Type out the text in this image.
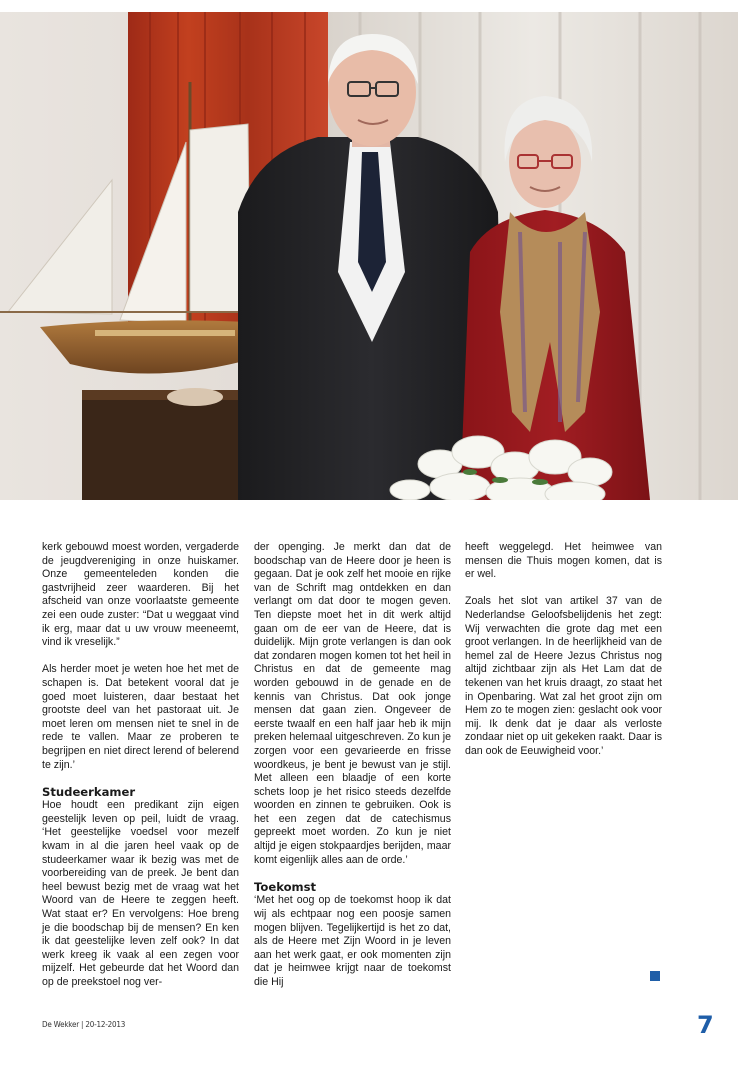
kerk gebouwd moest worden, vergaderde de jeugdvereniging in onze huiskamer. Onze gemeenteleden konden die gastvrijheid zeer waarderen. Bij het afscheid van onze voorlaatste gemeente zei een oude zuster: “Dat u weggaat vind ik erg, maar dat u uw vrouw meeneemt, vind ik vreselijk.”

Als herder moet je weten hoe het met de schapen is. Dat betekent vooral dat je goed moet luisteren, daar bestaat het grootste deel van het pastoraat uit. Je moet leren om mensen niet te snel in de rede te vallen. Maar ze proberen te begrijpen en niet direct lerend of belerend te zijn.’

Studeerkamer

Hoe houdt een predikant zijn eigen geestelijk leven op peil, luidt de vraag. ‘Het geestelijke voedsel voor mezelf kwam in al die jaren heel vaak op de studeerkamer waar ik bezig was met de voorbereiding van de preek. Je bent dan heel bewust bezig met de vraag wat het Woord van de Heere te zeggen heeft. Wat staat er? En vervolgens: Hoe breng je die boodschap bij de mensen? En ken ik dat geestelijke leven zelf ook? In dat werk kreeg ik vaak al een zegen voor mijzelf. Het gebeurde dat het Woord dan op de preekstoel nog ver-

der openging. Je merkt dan dat de boodschap van de Heere door je heen is gegaan. Dat je ook zelf het mooie en rijke van de Schrift mag ontdekken en dan verlangt om dat door te mogen geven. Ten diepste moet het in dit werk altijd gaan om de eer van de Heere, dat is duidelijk. Mijn grote verlangen is dan ook dat zondaren mogen komen tot het heil in Christus en dat de gemeente mag worden gebouwd in de genade en de kennis van Christus. Dat ook jonge mensen dat gaan zien. Ongeveer de eerste twaalf en een half jaar heb ik mijn preken helemaal uitgeschreven. Zo kun je zorgen voor een gevarieerde en frisse woordkeus, je bent je bewust van je stijl. Met alleen een blaadje of een korte schets loop je het risico steeds dezelfde woorden en zinnen te gebruiken. Ook is het een zegen dat de catechismus gepreekt moet worden. Zo kun je niet altijd je eigen stokpaardjes berijden, maar komt eigenlijk alles aan de orde.’

Toekomst

‘Met het oog op de toekomst hoop ik dat wij als echtpaar nog een poosje samen mogen blijven. Tegelijkertijd is het zo dat, als de Heere met Zijn Woord in je leven aan het werk gaat, er ook momenten zijn dat je heimwee krijgt naar de toekomst die Hij

heeft weggelegd. Het heimwee van mensen die Thuis mogen komen, dat is er wel.

Zoals het slot van artikel 37 van de Nederlandse Geloofsbelijdenis het zegt: Wij verwachten die grote dag met een groot verlangen. In de heerlijkheid van de hemel zal de Heere Jezus Christus nog altijd zichtbaar zijn als Het Lam dat de tekenen van het kruis draagt, zo staat het in Openbaring. Wat zal het groot zijn om Hem zo te mogen zien: geslacht ook voor mij. Ik denk dat je daar als verloste zondaar niet op uit gekeken raakt. Daar is dan ook de Eeuwigheid voor.’

De Wekker | 20-12-2013	7
